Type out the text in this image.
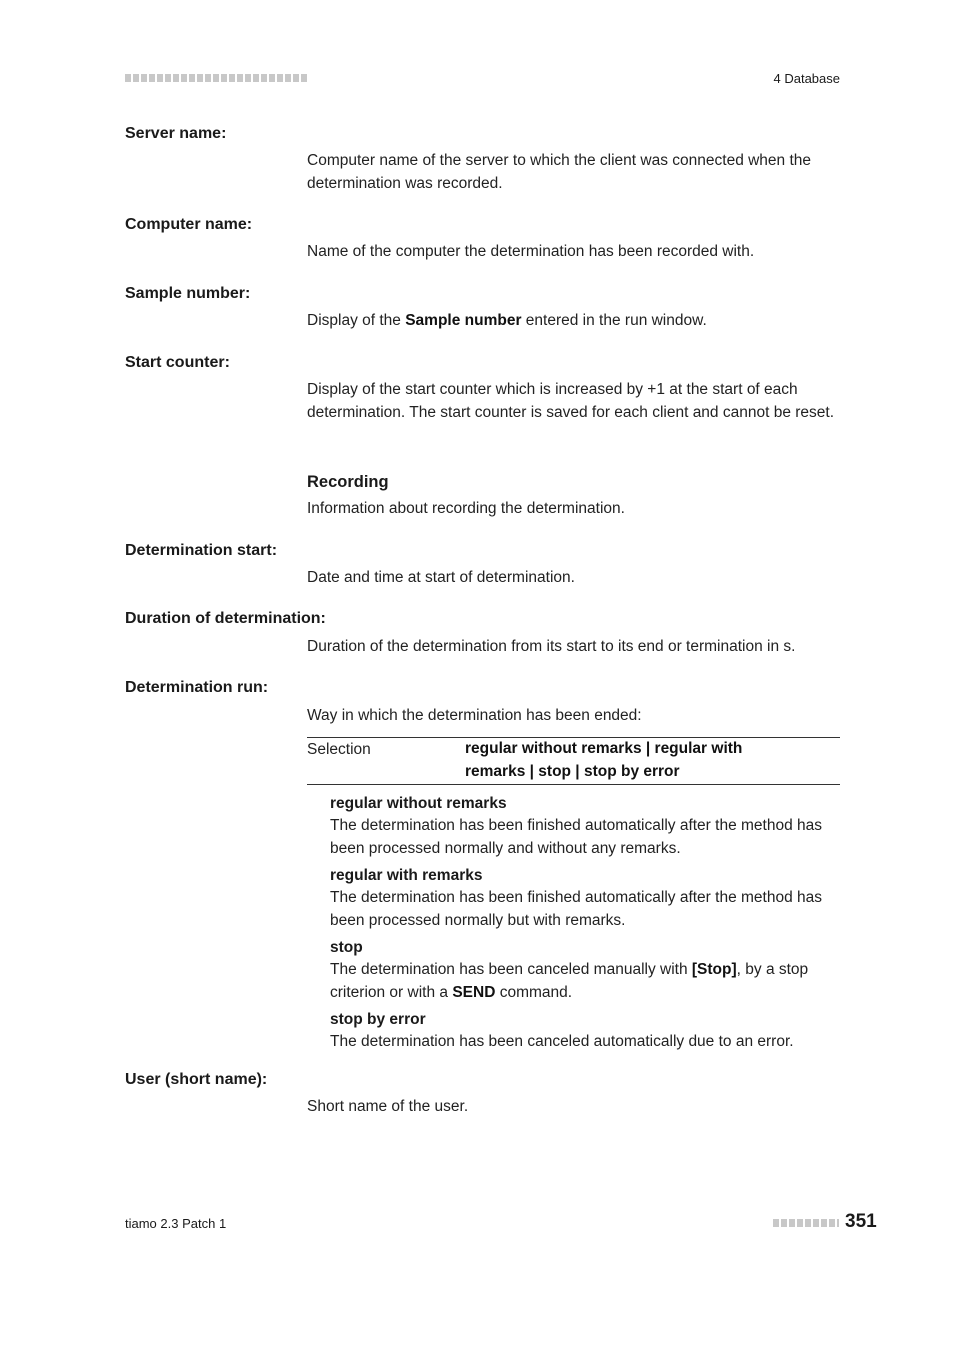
4 Database
Server name:
Computer name of the server to which the client was connected when the determination was recorded.
Computer name:
Name of the computer the determination has been recorded with.
Sample number:
Display of the Sample number entered in the run window.
Start counter:
Display of the start counter which is increased by +1 at the start of each determination. The start counter is saved for each client and cannot be reset.
Recording
Information about recording the determination.
Determination start:
Date and time at start of determination.
Duration of determination:
Duration of the determination from its start to its end or termination in s.
Determination run:
Way in which the determination has been ended:
Selection	regular without remarks | regular with remarks | stop | stop by error
regular without remarks
The determination has been finished automatically after the method has been processed normally and without any remarks.
regular with remarks
The determination has been finished automatically after the method has been processed normally but with remarks.
stop
The determination has been canceled manually with [Stop], by a stop criterion or with a SEND command.
stop by error
The determination has been canceled automatically due to an error.
User (short name):
Short name of the user.
tiamo 2.3 Patch 1	351
